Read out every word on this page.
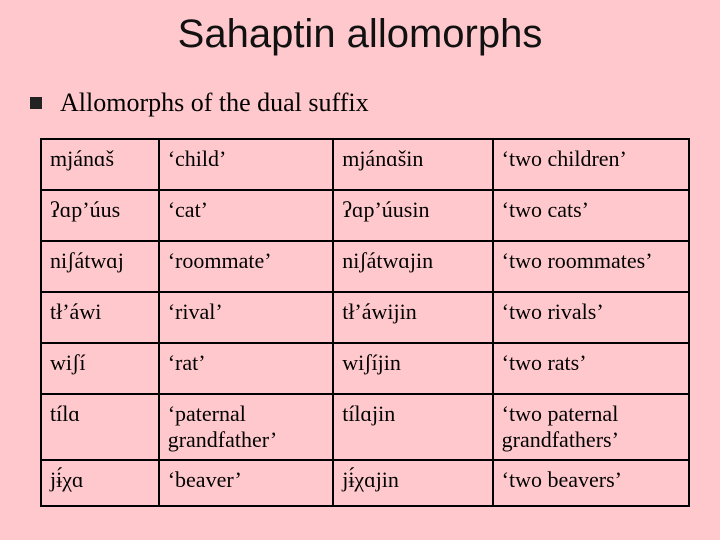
Sahaptin allomorphs
Allomorphs of the dual suffix
mjánɑš	‘child’	mjánɑšin	‘two children’
ʔɑp’úus	‘cat’	ʔɑp’úusin	‘two cats’
niʃátwɑj	‘roommate’	niʃátwɑjin	‘two roommates’
tł’áwi	‘rival’	tł’áwijin	‘two rivals’
wiʃí	‘rat’	wiʃíjin	‘two rats’
tílɑ	‘paternal grandfather’	tílɑjin	‘two paternal grandfathers’
jɨ́χɑ	‘beaver’	jɨ́χɑjin	‘two beavers’
